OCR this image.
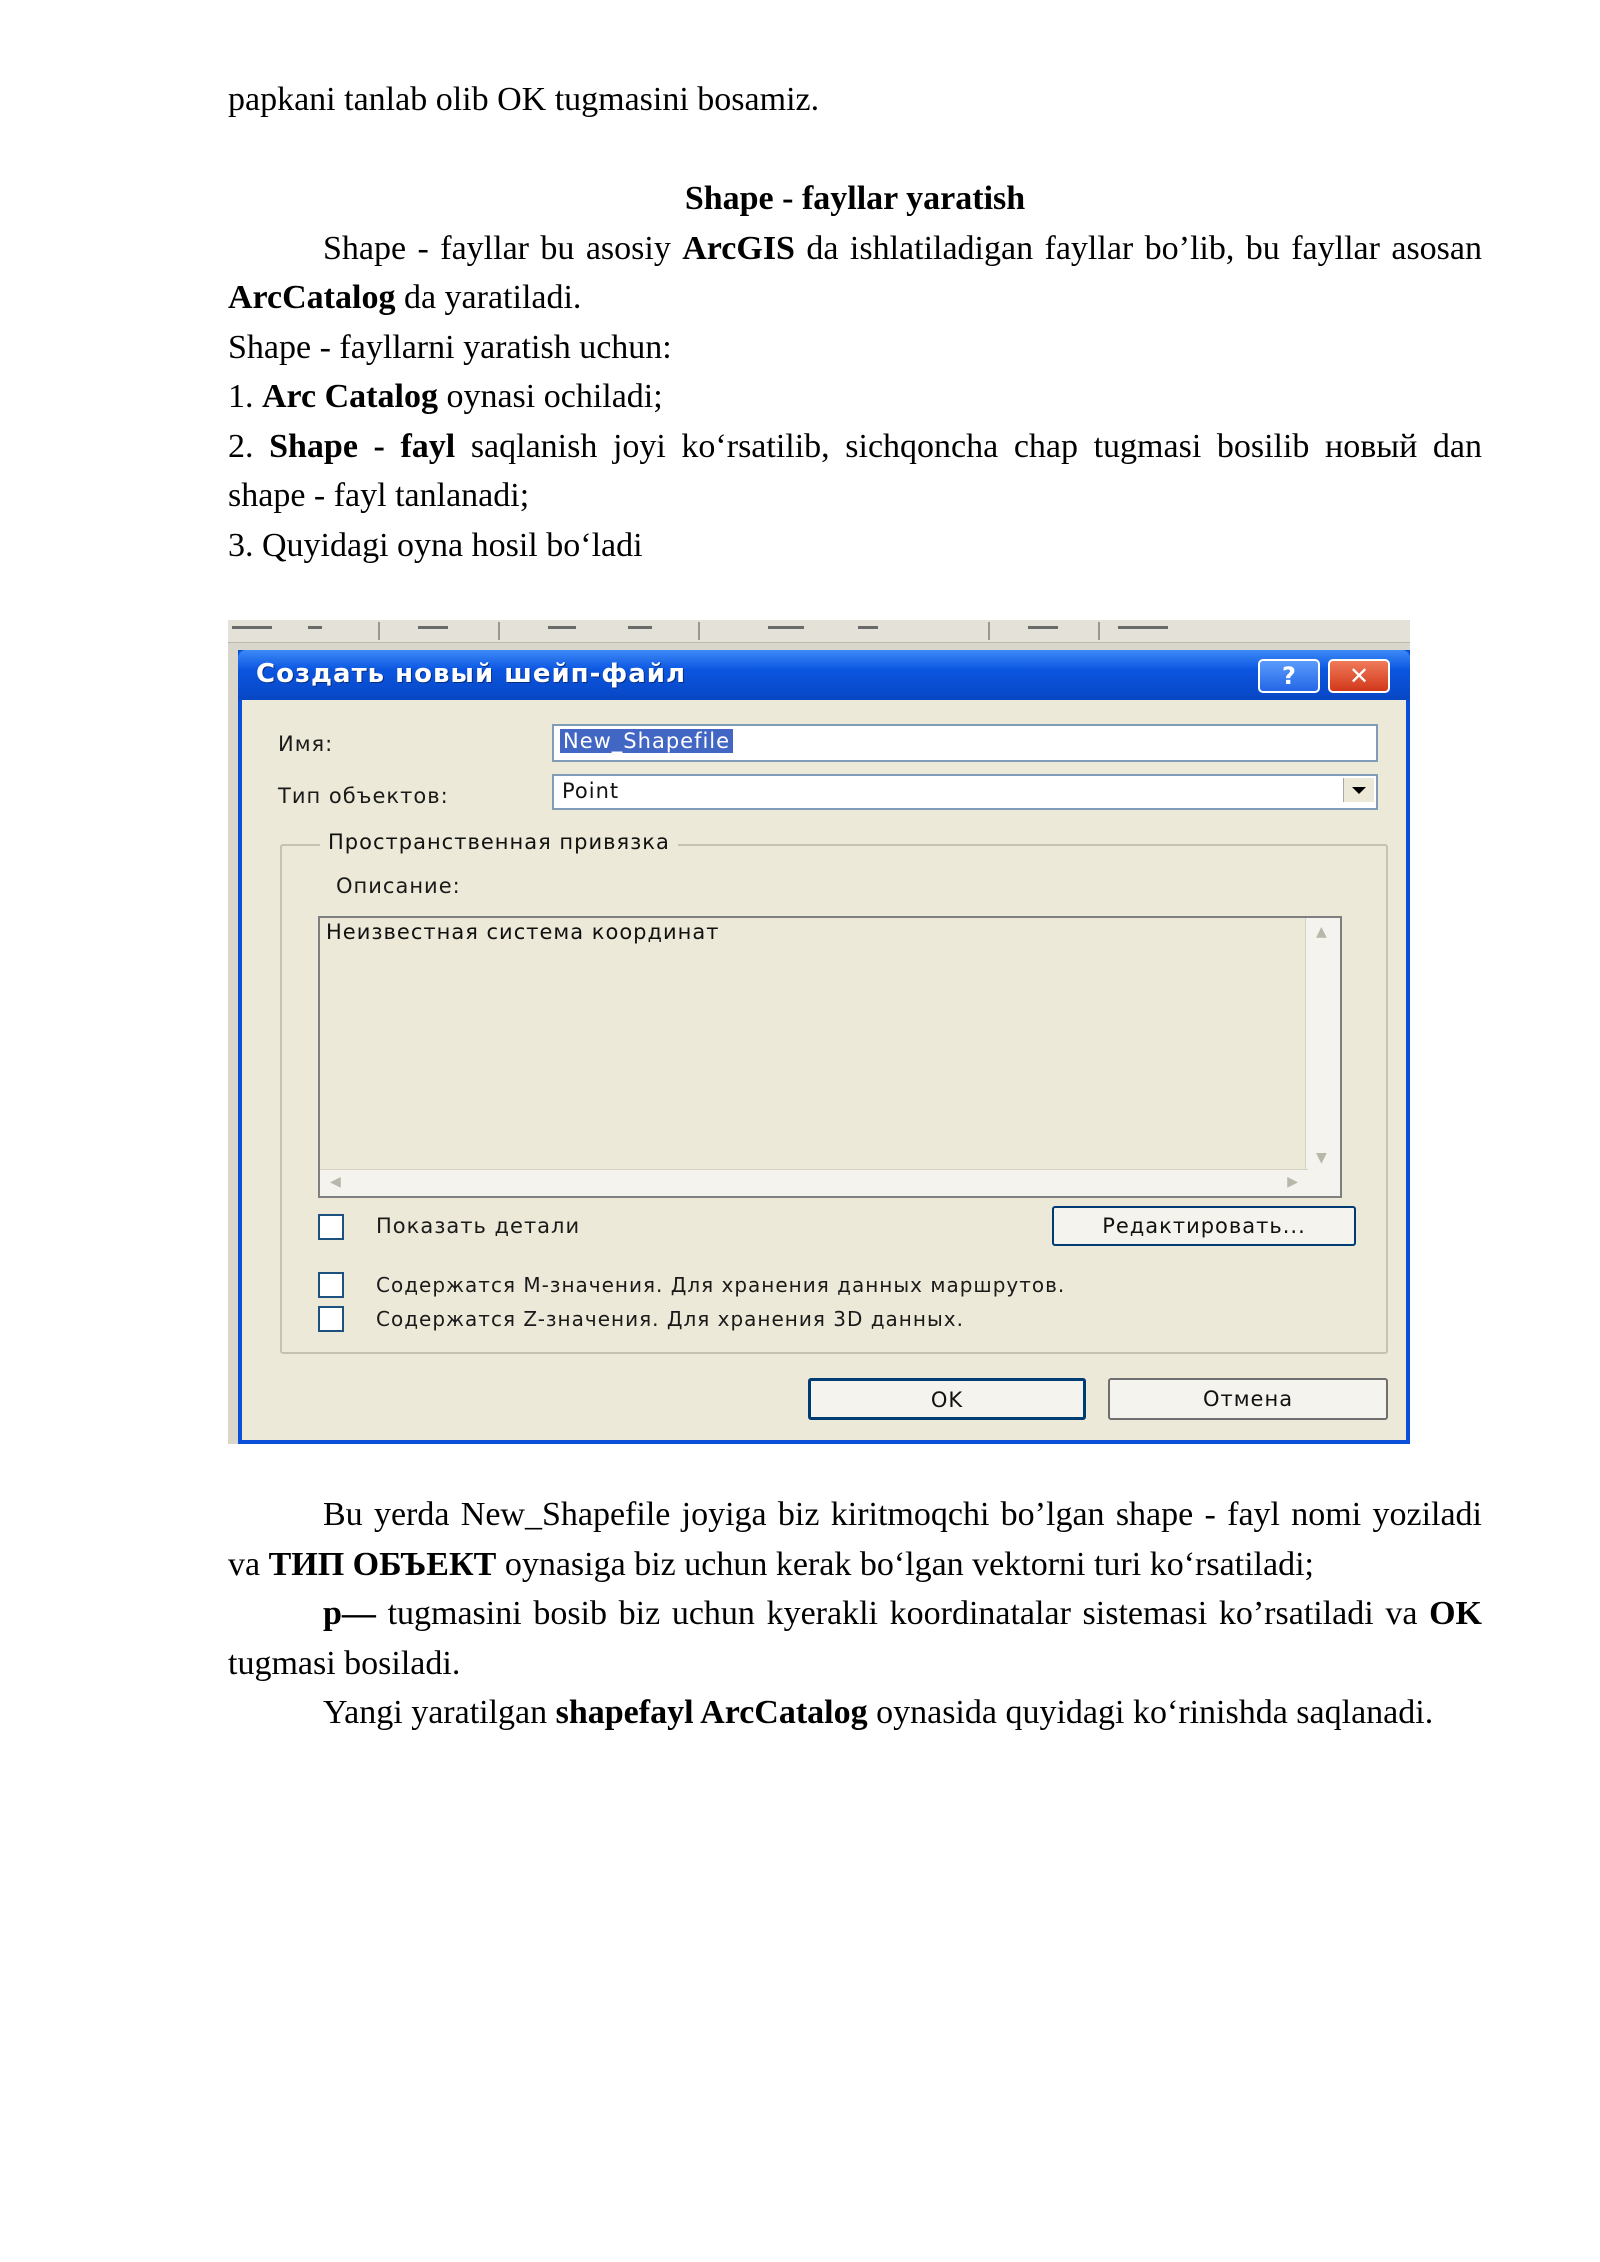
papkani tanlab olib OK tugmasini bosamiz.

Shape - fayllar yaratish

Shape - fayllar bu asosiy ArcGIS da ishlatiladigan fayllar bo’lib, bu fayllar asosan ArcCatalog da yaratiladi.

Shape - fayllarni yaratish uchun:

1. Arc Catalog oynasi ochiladi;

2. Shape - fayl saqlanish joyi ko‘rsatilib, sichqoncha chap tugmasi bosilib новый dan shape - fayl tanlanadi;

3. Quyidagi oyna hosil bo‘ladi

Создать новый шейп-файл	?	✕
Имя:	New_Shapefile
Тип объектов:	Point
Пространственная привязка
Описание:
Неизвестная система координат	▲
▼
◀	▶
Показать детали	Редактировать...
Содержатся М-значения. Для хранения данных маршрутов.
Содержатся Z-значения. Для хранения 3D данных.
OK	Отмена

Bu yerda New_Shapefile joyiga biz kiritmoqchi bo’lgan shape - fayl nomi yoziladi va ТИП ОБЪЕКТ oynasiga biz uchun kerak bo‘lgan vektorni turi ko‘rsatiladi;

p— tugmasini bosib biz uchun kyerakli koordinatalar sistemasi ko’rsatiladi va OK tugmasi bosiladi.

Yangi yaratilgan shapefayl ArcCatalog oynasida quyidagi ko‘rinishda saqlanadi.
